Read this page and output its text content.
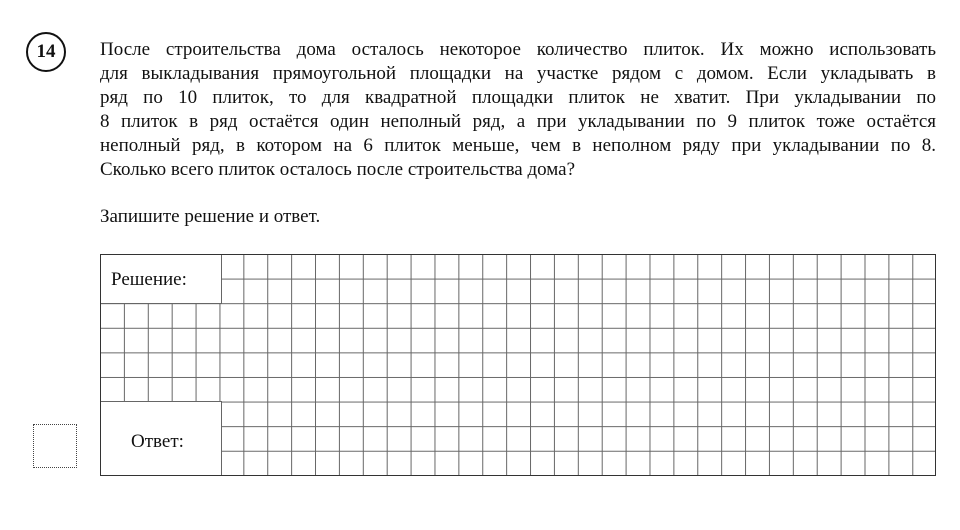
14 После строительства дома осталось некоторое количество плиток. Их можно использовать
для выкладывания прямоугольной площадки на участке рядом с домом. Если укладывать в
ряд по 10 плиток, то для квадратной площадки плиток не хватит. При укладывании по
8 плиток в ряд остаётся один неполный ряд, а при укладывании по 9 плиток тоже остаётся
неполный ряд, в котором на 6 плиток меньше, чем в неполном ряду при укладывании по 8.
Сколько всего плиток осталось после строительства дома?
Запишите решение и ответ.
Решение:
Ответ:
